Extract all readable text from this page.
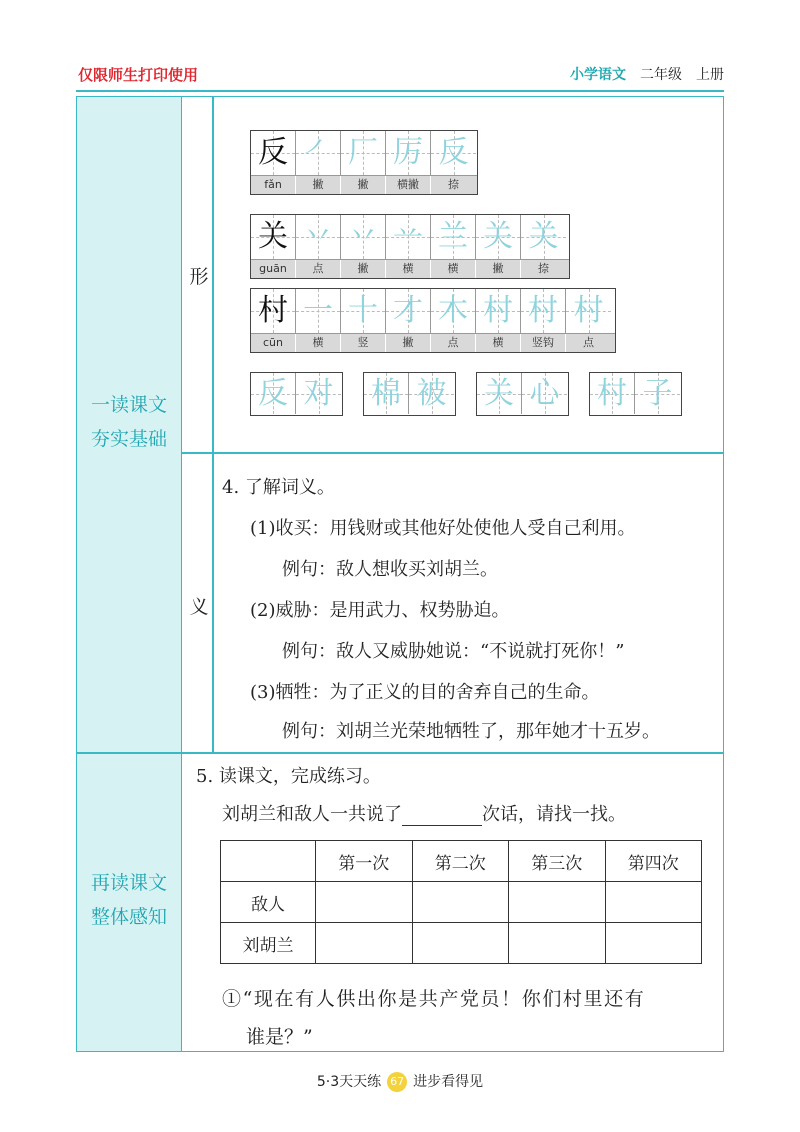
仅限师生打印使用	小学语文 二年级 上册
一读课文
夯实基础
再读课文
整体感知
形
义
反 ㇒ 厂 厉 反
fǎn	撇	撇	横撇	捺
关 丷 丷 䒑 兰 关 关
guān	点	撇	横	横	撇	捺
村 一 十 才 木 村 村 村
cūn	横	竖	撇	点	横	竖钩	点
反 对 棉 被 关 心 村 子
4. 了解词义。
(1)收买：用钱财或其他好处使他人受自己利用。
例句：敌人想收买刘胡兰。
(2)威胁：是用武力、权势胁迫。
例句：敌人又威胁她说：“不说就打死你！”
(3)牺牲：为了正义的目的舍弃自己的生命。
例句：刘胡兰光荣地牺牲了，那年她才十五岁。
5. 读课文，完成练习。
刘胡兰和敌人一共说了	次话，请找一找。
	第一次	第二次	第三次	第四次
敌人				
刘胡兰				
①“现在有人供出你是共产党员！你们村里还有
谁是？”
5·3天天练 67 进步看得见
